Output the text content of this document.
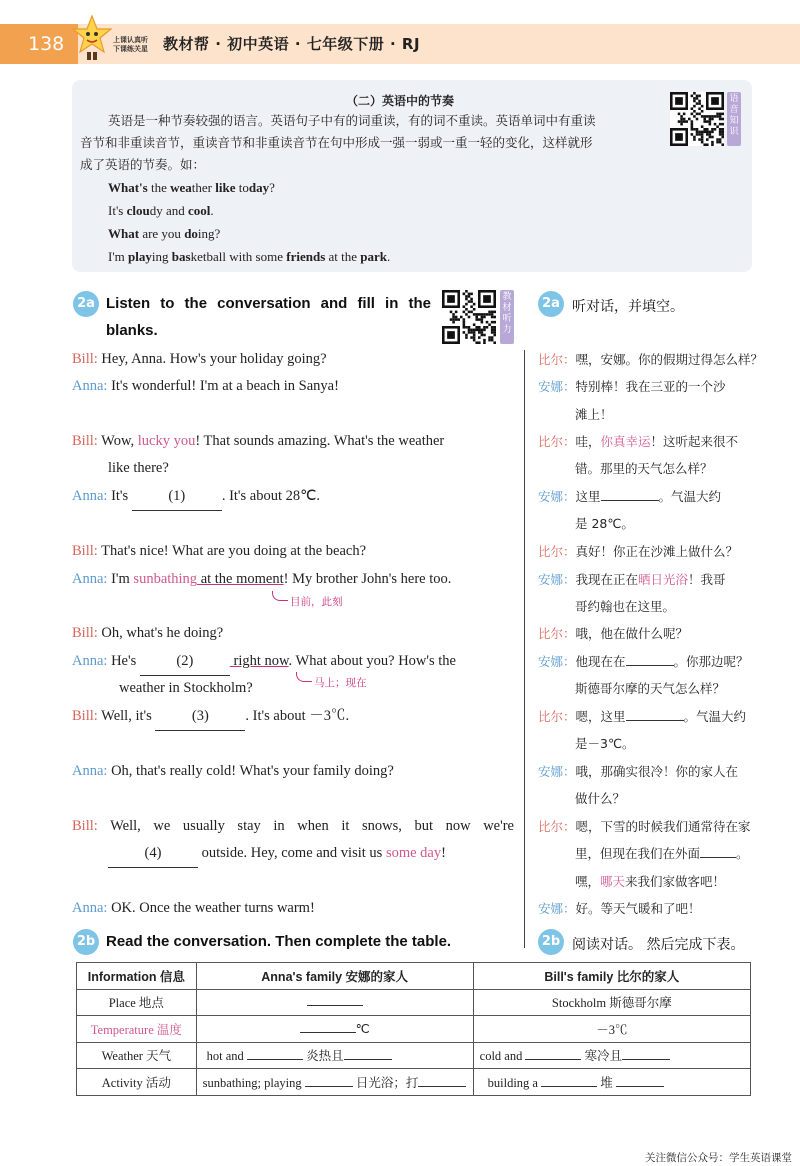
138	上课认真听
下课练关星 教材帮 · 初中英语 · 七年级下册 · RJ
（二）英语中的节奏
英语是一种节奏较强的语言。英语句子中有的词重读，有的词不重读。英语单词中有重读
音节和非重读音节，重读音节和非重读音节在句中形成一强一弱或一重一轻的变化，这样就形
成了英语的节奏。如：
What's the weather like today?
It's cloudy and cool.
What are you doing?
I'm playing basketball with some friends at the park.
语
音
知
识
2a Listen to the conversation and fill in the
blanks.
教
材
听
力
2a 听对话，并填空。
Bill: Hey, Anna. How's your holiday going?
Anna: It's wonderful! I'm at a beach in Sanya!
Bill: Wow, lucky you! That sounds amazing. What's the weather
like there?
Anna: It's	(1)	. It's about 28℃.
Bill: That's nice! What are you doing at the beach?
Anna: I'm sunbathing at the moment! My brother John's here too.
目前，此刻
Bill: Oh, what's he doing?
Anna: He's	(2)	right now. What about you? How's the
weather in Stockholm?	马上；现在
Bill: Well, it's	(3)	. It's about －3℃.
Anna: Oh, that's really cold! What's your family doing?
Bill: Well, we usually stay in when it snows, but now we're
(4)	outside. Hey, come and visit us some day!
Anna: OK. Once the weather turns warm!
比尔：嘿，安娜。你的假期过得怎么样？
安娜：特别棒！我在三亚的一个沙
滩上！
比尔：哇，你真幸运！这听起来很不
错。那里的天气怎么样？
安娜：这里	。气温大约
是 28℃。
比尔：真好！你正在沙滩上做什么？
安娜：我现在正在晒日光浴！我哥
哥约翰也在这里。
比尔：哦，他在做什么呢？
安娜：他现在在	。你那边呢？
斯德哥尔摩的天气怎么样？
比尔：嗯，这里	。气温大约
是－3℃。
安娜：哦，那确实很冷！你的家人在
做什么？
比尔：嗯，下雪的时候我们通常待在家
里，但现在我们在外面	。
嘿，哪天来我们家做客吧！
安娜：好。等天气暖和了吧！
2b Read the conversation. Then complete the table.	2b 阅读对话。 然后完成下表。
Information 信息	Anna's family 安娜的家人	Bill's family 比尔的家人
Place 地点		Stockholm 斯德哥尔摩
Temperature 温度	℃	－3℃
Weather 天气	hot and 炎热且	cold and 寒冷且
Activity 活动	sunbathing; playing 日光浴；打	building a 堆
关注微信公众号：学生英语课堂
